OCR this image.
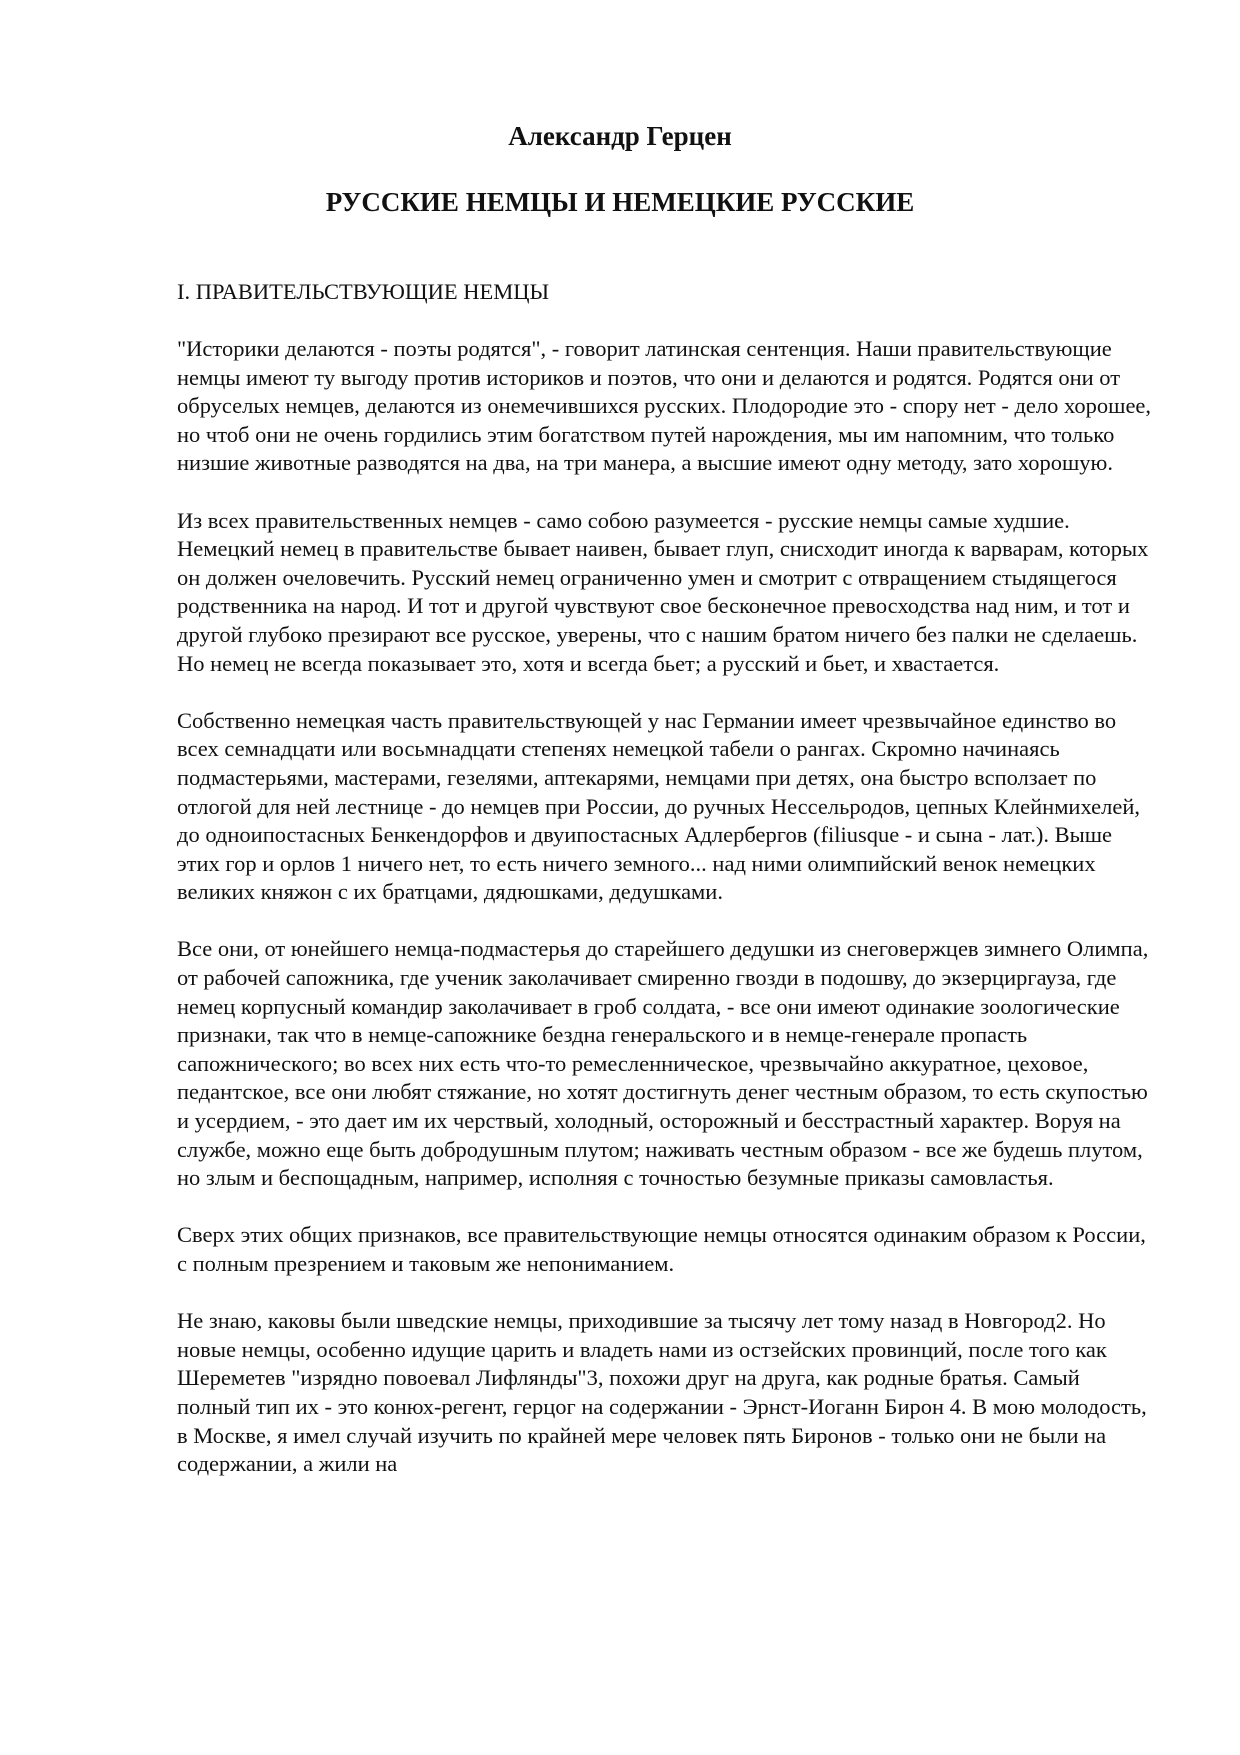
Александр Герцен
РУССКИЕ НЕМЦЫ И НЕМЕЦКИЕ РУССКИЕ

I. ПРАВИТЕЛЬСТВУЮЩИЕ НЕМЦЫ

"Историки делаются - поэты родятся", - говорит латинская сентенция. Наши правительствующие немцы имеют ту выгоду против историков и поэтов, что они и делаются и родятся. Родятся они от обруселых немцев, делаются из онемечившихся русских. Плодородие это - спору нет - дело хорошее, но чтоб они не очень гордились этим богатством путей нарождения, мы им напомним, что только низшие животные разводятся на два, на три манера, а высшие имеют одну методу, зато хорошую.

Из всех правительственных немцев - само собою разумеется - русские немцы самые худшие. Немецкий немец в правительстве бывает наивен, бывает глуп, снисходит иногда к варварам, которых он должен очеловечить. Русский немец ограниченно умен и смотрит с отвращением стыдящегося родственника на народ. И тот и другой чувствуют свое бесконечное превосходства над ним, и тот и другой глубоко презирают все русское, уверены, что с нашим братом ничего без палки не сделаешь. Но немец не всегда показывает это, хотя и всегда бьет; а русский и бьет, и хвастается.

Собственно немецкая часть правительствующей у нас Германии имеет чрезвычайное единство во всех семнадцати или восьмнадцати степенях немецкой табели о рангах. Скромно начинаясь подмастерьями, мастерами, гезелями, аптекарями, немцами при детях, она быстро всползает по отлогой для ней лестнице - до немцев при России, до ручных Нессельродов, цепных Клейнмихелей, до одноипостасных Бенкендорфов и двуипостасных Адлербергов (filiusque - и сына - лат.). Выше этих гор и орлов 1 ничего нет, то есть ничего земного... над ними олимпийский венок немецких великих княжон с их братцами, дядюшками, дедушками.

Все они, от юнейшего немца-подмастерья до старейшего дедушки из снеговержцев зимнего Олимпа, от рабочей сапожника, где ученик заколачивает смиренно гвозди в подошву, до экзерциргауза, где немец корпусный командир заколачивает в гроб солдата, - все они имеют одинакие зоологические признаки, так что в немце-сапожнике бездна генеральского и в немце-генерале пропасть сапожнического; во всех них есть что-то ремесленническое, чрезвычайно аккуратное, цеховое, педантское, все они любят стяжание, но хотят достигнуть денег честным образом, то есть скупостью и усердием, - это дает им их черствый, холодный, осторожный и бесстрастный характер. Воруя на службе, можно еще быть добродушным плутом; наживать честным образом - все же будешь плутом, но злым и беспощадным, например, исполняя с точностью безумные приказы самовластья.

Сверх этих общих признаков, все правительствующие немцы относятся одинаким образом к России, с полным презрением и таковым же непониманием.

Не знаю, каковы были шведские немцы, приходившие за тысячу лет тому назад в Новгород2. Но новые немцы, особенно идущие царить и владеть нами из остзейских провинций, после того как Шереметев "изрядно повоевал Лифлянды"3, похожи друг на друга, как родные братья. Самый полный тип их - это конюх-регент, герцог на содержании - Эрнст-Иоганн Бирон 4. В мою молодость, в Москве, я имел случай изучить по крайней мере человек пять Биронов - только они не были на содержании, а жили на
